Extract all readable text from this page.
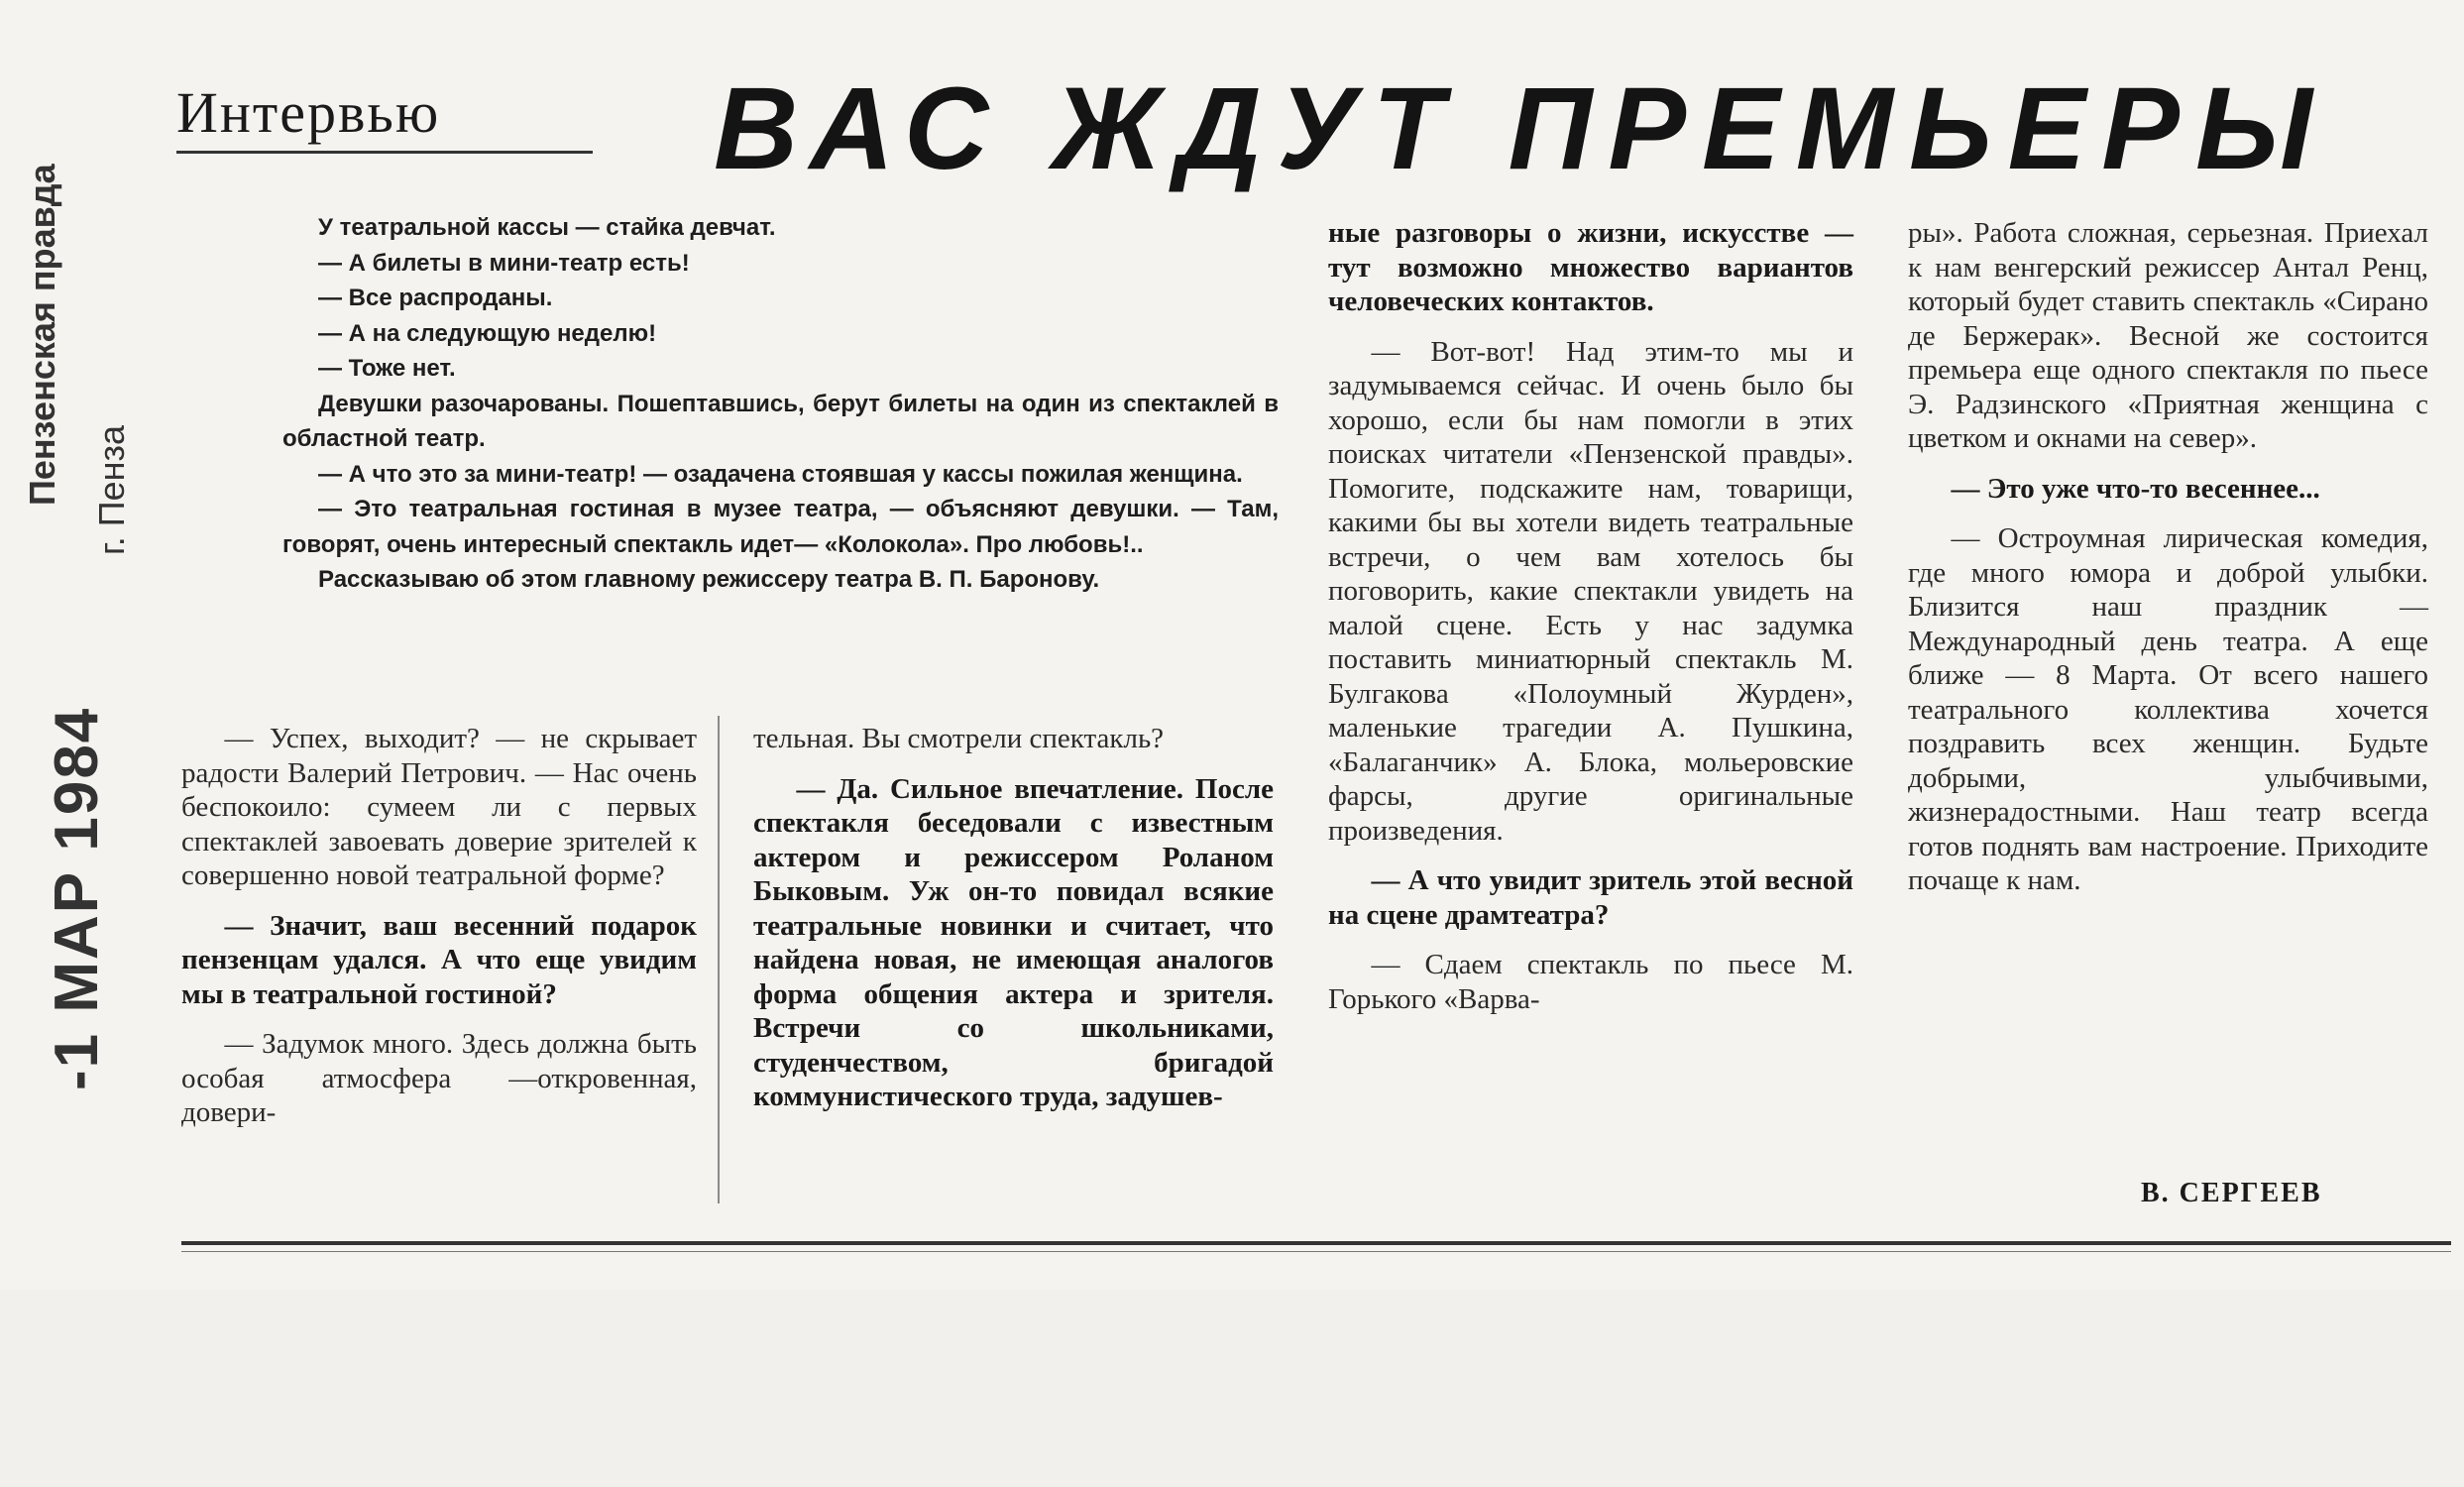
Пензенская правда г. Пенза
-1 МАР 1984
Интервью ВАС ЖДУТ ПРЕМЬЕРЫ

У театральной кассы — стайка девчат.

— А билеты в мини-театр есть!

— Все распроданы.

— А на следующую неделю!

— Тоже нет.

Девушки разочарованы. Пошептавшись, берут билеты на один из спектаклей в областной театр.

— А что это за мини-театр! — озадачена стоявшая у кассы пожилая женщина.

— Это театральная гостиная в музее театра, — объясняют девушки. — Там, говорят, очень интересный спектакль идет— «Колокола». Про любовь!..

Рассказываю об этом главному режиссеру театра В. П. Баронову.

— Успех, выходит? — не скрывает радости Валерий Петрович. — Нас очень беспокоило: сумеем ли с первых спектаклей завоевать доверие зрителей к совершенно новой театральной форме?

— Значит, ваш весенний подарок пензенцам удался. А что еще увидим мы в театральной гостиной?

— Задумок много. Здесь должна быть особая атмосфера —откровенная, довери-

тельная. Вы смотрели спектакль?

— Да. Сильное впечатление. После спектакля беседовали с известным актером и режиссером Роланом Быковым. Уж он-то повидал всякие театральные новинки и считает, что найдена новая, не имеющая аналогов форма общения актера и зрителя. Встречи со школьниками, студенчеством, бригадой коммунистического труда, задушев-

ные разговоры о жизни, искусстве — тут возможно множество вариантов человеческих контактов.

— Вот-вот! Над этим-то мы и задумываемся сейчас. И очень было бы хорошо, если бы нам помогли в этих поисках читатели «Пензенской правды». Помогите, подскажите нам, товарищи, какими бы вы хотели видеть театральные встречи, о чем вам хотелось бы поговорить, какие спектакли увидеть на малой сцене. Есть у нас задумка поставить миниатюрный спектакль М. Булгакова «Полоумный Журден», маленькие трагедии А. Пушкина, «Балаганчик» А. Блока, мольеровские фарсы, другие оригинальные произведения.

— А что увидит зритель этой весной на сцене драмтеатра?

— Сдаем спектакль по пьесе М. Горького «Варва-

ры». Работа сложная, серьезная. Приехал к нам венгерский режиссер Антал Ренц, который будет ставить спектакль «Сирано де Бержерак». Весной же состоится премьера еще одного спектакля по пьесе Э. Радзинского «Приятная женщина с цветком и окнами на север».

— Это уже что-то весеннее...

— Остроумная лирическая комедия, где много юмора и доброй улыбки. Близится наш праздник — Международный день театра. А еще ближе — 8 Марта. От всего нашего театрального коллектива хочется поздравить всех женщин. Будьте добрыми, улыбчивыми, жизнерадостными. Наш театр всегда готов поднять вам настроение. Приходите почаще к нам.

В. СЕРГЕЕВ
